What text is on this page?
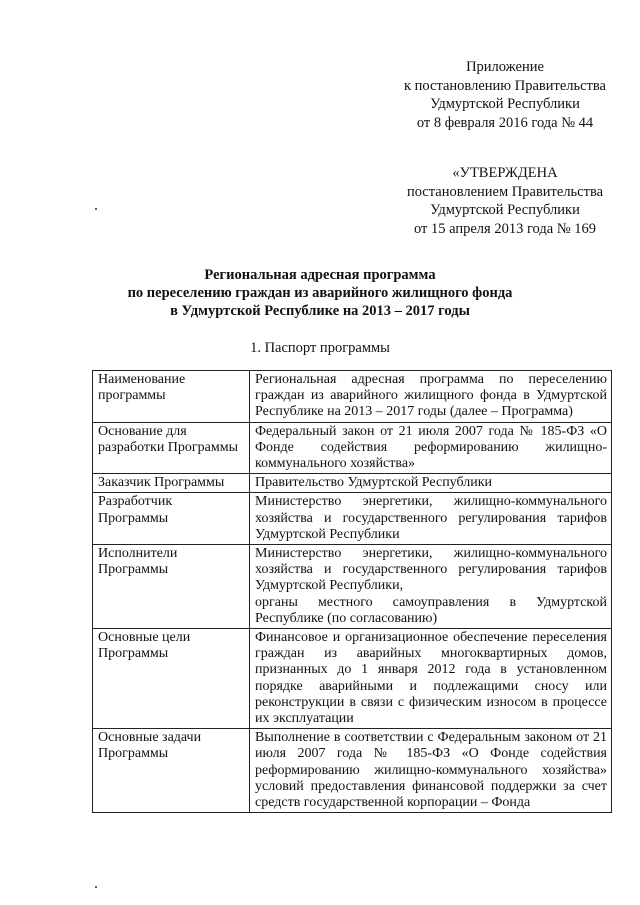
Приложение
к постановлению Правительства
Удмуртской Республики
от 8 февраля 2016 года № 44
«УТВЕРЖДЕНА
постановлением Правительства
Удмуртской Республики
от 15 апреля 2013 года № 169
Региональная адресная программа
по переселению граждан из аварийного жилищного фонда
в Удмуртской Республике на 2013 – 2017 годы
1. Паспорт программы
Наименование программы	Региональная адресная программа по переселению граждан из аварийного жилищного фонда в Удмуртской Республике на 2013 – 2017 годы (далее – Программа)
Основание для разработки Программы	Федеральный закон от 21 июля 2007 года № 185-ФЗ «О Фонде содействия реформированию жилищно-коммунального хозяйства»
Заказчик Программы	Правительство Удмуртской Республики
Разработчик Программы	Министерство энергетики, жилищно-коммунального хозяйства и государственного регулирования тарифов Удмуртской Республики
Исполнители Программы	Министерство энергетики, жилищно-коммунального хозяйства и государственного регулирования тарифов Удмуртской Республики,
органы местного самоуправления в Удмуртской Республике (по согласованию)

Основные цели Программы	Финансовое и организационное обеспечение переселения граждан из аварийных многоквартирных домов, признанных до 1 января 2012 года в установленном порядке аварийными и подлежащими сносу или реконструкции в связи с физическим износом в процессе их эксплуатации
Основные задачи Программы	Выполнение в соответствии с Федеральным законом от 21 июля 2007 года № 185-ФЗ «О Фонде содействия реформированию жилищно-коммунального хозяйства» условий предоставления финансовой поддержки за счет средств государственной корпорации – Фонда
